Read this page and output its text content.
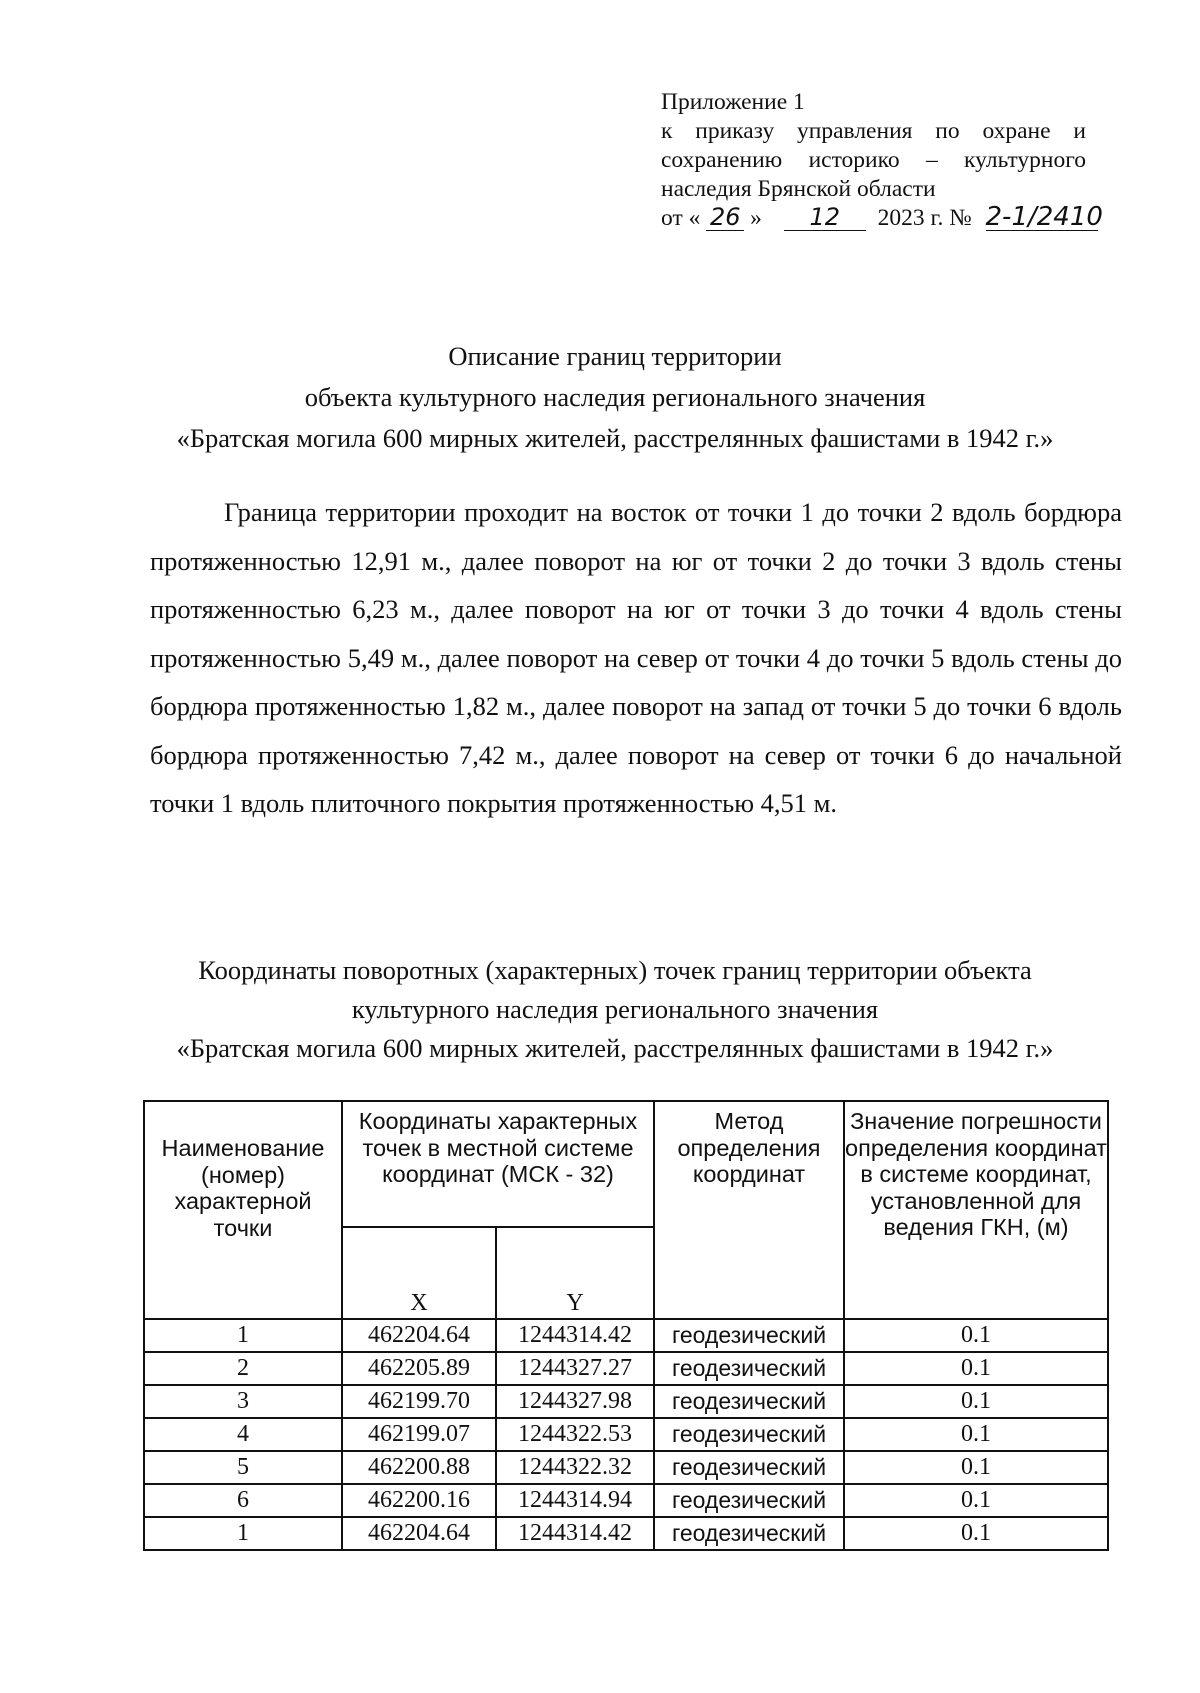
Приложение 1
к приказу управления по охране и
сохранению историко – культурного
наследия Брянской области
от « 26 » 12 2023 г. № 2-1/2410
Описание границ территории
объекта культурного наследия регионального значения
«Братская могила 600 мирных жителей, расстрелянных фашистами в 1942 г.»

Граница территории проходит на восток от точки 1 до точки 2 вдоль бордюра протяженностью 12,91 м., далее поворот на юг от точки 2 до точки 3 вдоль стены протяженностью 6,23 м., далее поворот на юг от точки 3 до точки 4 вдоль стены протяженностью 5,49 м., далее поворот на север от точки 4 до точки 5 вдоль стены до бордюра протяженностью 1,82 м., далее поворот на запад от точки 5 до точки 6 вдоль бордюра протяженностью 7,42 м., далее поворот на север от точки 6 до начальной точки 1 вдоль плиточного покрытия протяженностью 4,51 м.

Координаты поворотных (характерных) точек границ территории объекта
культурного наследия регионального значения
«Братская могила 600 мирных жителей, расстрелянных фашистами в 1942 г.»
Наименование (номер) характерной точки	Координаты характерных точек в местной системе координат (МСК - 32)		Метод определения координат	Значение погрешности определения координат в системе координат, установленной для ведения ГКН, (м)
	X	Y		
1	462204.64	1244314.42	геодезический	0.1
2	462205.89	1244327.27	геодезический	0.1
3	462199.70	1244327.98	геодезический	0.1
4	462199.07	1244322.53	геодезический	0.1
5	462200.88	1244322.32	геодезический	0.1
6	462200.16	1244314.94	геодезический	0.1
1	462204.64	1244314.42	геодезический	0.1
